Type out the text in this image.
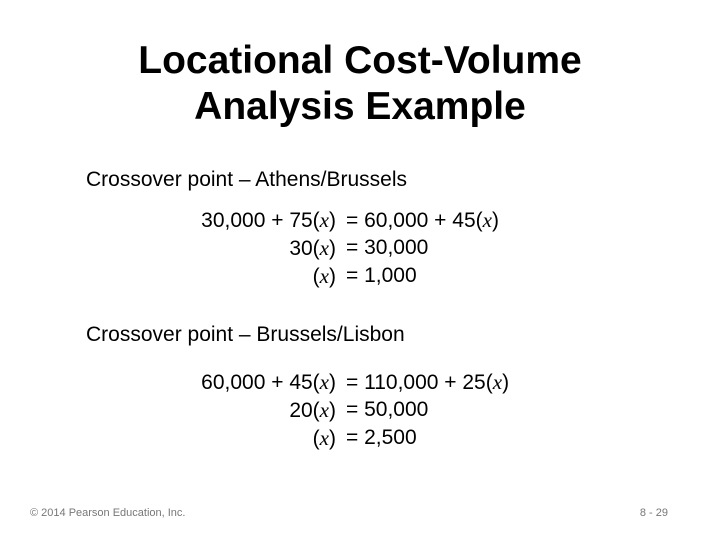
Locational Cost-Volume
Analysis Example
Crossover point – Athens/Brussels
30,000 + 75(x) = 60,000 + 45(x)
30(x) = 30,000
(x) = 1,000
Crossover point – Brussels/Lisbon
60,000 + 45(x) = 110,000 + 25(x)
20(x) = 50,000
(x) = 2,500
© 2014 Pearson Education, Inc.	8 - 29
